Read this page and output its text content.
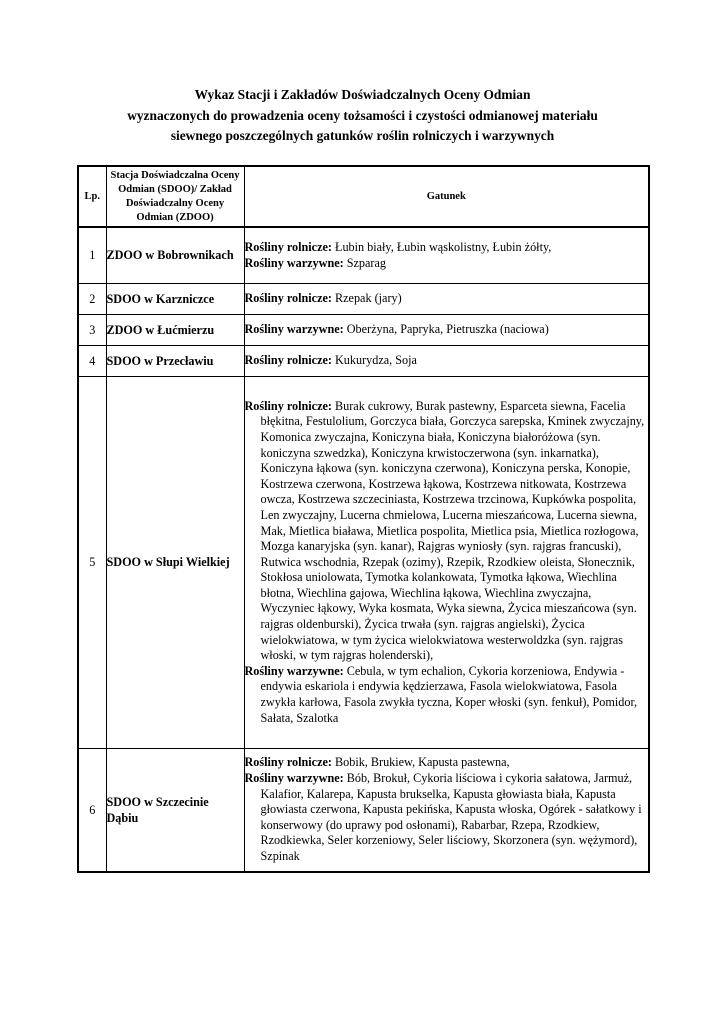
Wykaz Stacji i Zakładów Doświadczalnych Oceny Odmian
wyznaczonych do prowadzenia oceny tożsamości i czystości odmianowej materiału
siewnego poszczególnych gatunków roślin rolniczych i warzywnych
Lp.	Stacja Doświadczalna Oceny Odmian (SDOO)/ Zakład Doświadczalny Oceny Odmian (ZDOO)	Gatunek
1	ZDOO w Bobrownikach	Rośliny rolnicze: Łubin biały, Łubin wąskolistny, Łubin żółty,
Rośliny warzywne: Szparag

2	SDOO w Karzniczce	Rośliny rolnicze: Rzepak (jary)

3	ZDOO w Łućmierzu	Rośliny warzywne: Oberżyna, Papryka, Pietruszka (naciowa)

4	SDOO w Przecławiu	Rośliny rolnicze: Kukurydza, Soja

5	SDOO w Słupi Wielkiej	Rośliny rolnicze: Burak cukrowy, Burak pastewny, Esparceta siewna, Facelia błękitna, Festulolium, Gorczyca biała, Gorczyca sarepska, Kminek zwyczajny, Komonica zwyczajna, Koniczyna biała, Koniczyna białoróżowa (syn. koniczyna szwedzka), Koniczyna krwistoczerwona (syn. inkarnatka), Koniczyna łąkowa (syn. koniczyna czerwona), Koniczyna perska, Konopie, Kostrzewa czerwona, Kostrzewa łąkowa, Kostrzewa nitkowata, Kostrzewa owcza, Kostrzewa szczeciniasta, Kostrzewa trzcinowa, Kupkówka pospolita, Len zwyczajny, Lucerna chmielowa, Lucerna mieszańcowa, Lucerna siewna, Mak, Mietlica biaława, Mietlica pospolita, Mietlica psia, Mietlica rozłogowa, Mozga kanaryjska (syn. kanar), Rajgras wyniosły (syn. rajgras francuski), Rutwica wschodnia, Rzepak (ozimy), Rzepik, Rzodkiew oleista, Słonecznik, Stokłosa uniolowata, Tymotka kolankowata, Tymotka łąkowa, Wiechlina błotna, Wiechlina gajowa, Wiechlina łąkowa, Wiechlina zwyczajna, Wyczyniec łąkowy, Wyka kosmata, Wyka siewna, Życica mieszańcowa (syn. rajgras oldenburski), Życica trwała (syn. rajgras angielski), Życica wielokwiatowa, w tym życica wielokwiatowa westerwoldzka (syn. rajgras włoski, w tym rajgras holenderski),
Rośliny warzywne: Cebula, w tym echalion, Cykoria korzeniowa, Endywia - endywia eskariola i endywia kędzierzawa, Fasola wielokwiatowa, Fasola zwykła karłowa, Fasola zwykła tyczna, Koper włoski (syn. fenkuł), Pomidor, Sałata, Szalotka

6	SDOO w Szczecinie Dąbiu	Rośliny rolnicze: Bobik, Brukiew, Kapusta pastewna,
Rośliny warzywne: Bób, Brokuł, Cykoria liściowa i cykoria sałatowa, Jarmuż, Kalafior, Kalarepa, Kapusta brukselka, Kapusta głowiasta biała, Kapusta głowiasta czerwona, Kapusta pekińska, Kapusta włoska, Ogórek - sałatkowy i konserwowy (do uprawy pod osłonami), Rabarbar, Rzepa, Rzodkiew, Rzodkiewka, Seler korzeniowy, Seler liściowy, Skorzonera (syn. wężymord), Szpinak
